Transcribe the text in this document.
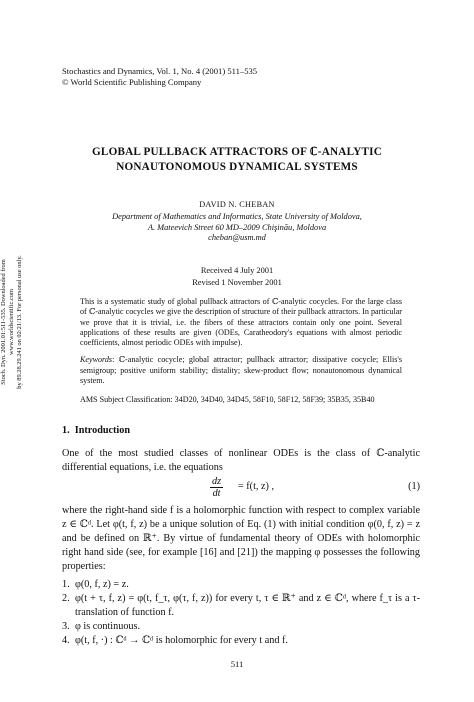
Stochastics and Dynamics, Vol. 1, No. 4 (2001) 511–535
© World Scientific Publishing Company
Stoch. Dyn. 2001.01:511-535. Downloaded from www.worldscientific.com by 89.28.29.241 on 02/21/13. For personal use only.
GLOBAL PULLBACK ATTRACTORS OF ℂ-ANALYTIC
NONAUTONOMOUS DYNAMICAL SYSTEMS
DAVID N. CHEBAN
Department of Mathematics and Informatics, State University of Moldova,
A. Mateevich Street 60 MD–2009 Chişinău, Moldova
cheban@usm.md
Received 4 July 2001
Revised 1 November 2001

This is a systematic study of global pullback attractors of ℂ-analytic cocycles. For the large class of ℂ-analytic cocycles we give the description of structure of their pullback attractors. In particular we prove that it is trivial, i.e. the fibers of these attractors contain only one point. Several applications of these results are given (ODEs, Caratheodory's equations with almost periodic coefficients, almost periodic ODEs with impulse).

Keywords: ℂ-analytic cocycle; global attractor; pullback attractor; dissipative cocycle; Ellis's semigroup; positive uniform stability; distality; skew-product flow; nonautonomous dynamical system.

AMS Subject Classification: 34D20, 34D40, 34D45, 58F10, 58F12, 58F39; 35B35, 35B40

1. Introduction
One of the most studied classes of nonlinear ODEs is the class of ℂ-analytic differential equations, i.e. the equations
$\frac{dz}{dt} = f(t$, z) ,	(1)
where the right-hand side f is a holomorphic function with respect to complex variable z ∈ ℂᵈ. Let φ(t, f, z) be a unique solution of Eq. (1) with initial condition φ(0, f, z) = z and be defined on ℝ⁺. By virtue of fundamental theory of ODEs with holomorphic right hand side (see, for example [16] and [21]) the mapping φ possesses the following properties:
1. φ(0, f, z) = z.
2. φ(t + τ, f, z) = φ(t, f_τ, φ(τ, f, z)) for every t, τ ∈ ℝ⁺ and z ∈ ℂᵈ, where f_τ is a τ-translation of function f.
3. φ is continuous.
4. φ(t, f, ·) : ℂᵈ → ℂᵈ is holomorphic for every t and f.
511
